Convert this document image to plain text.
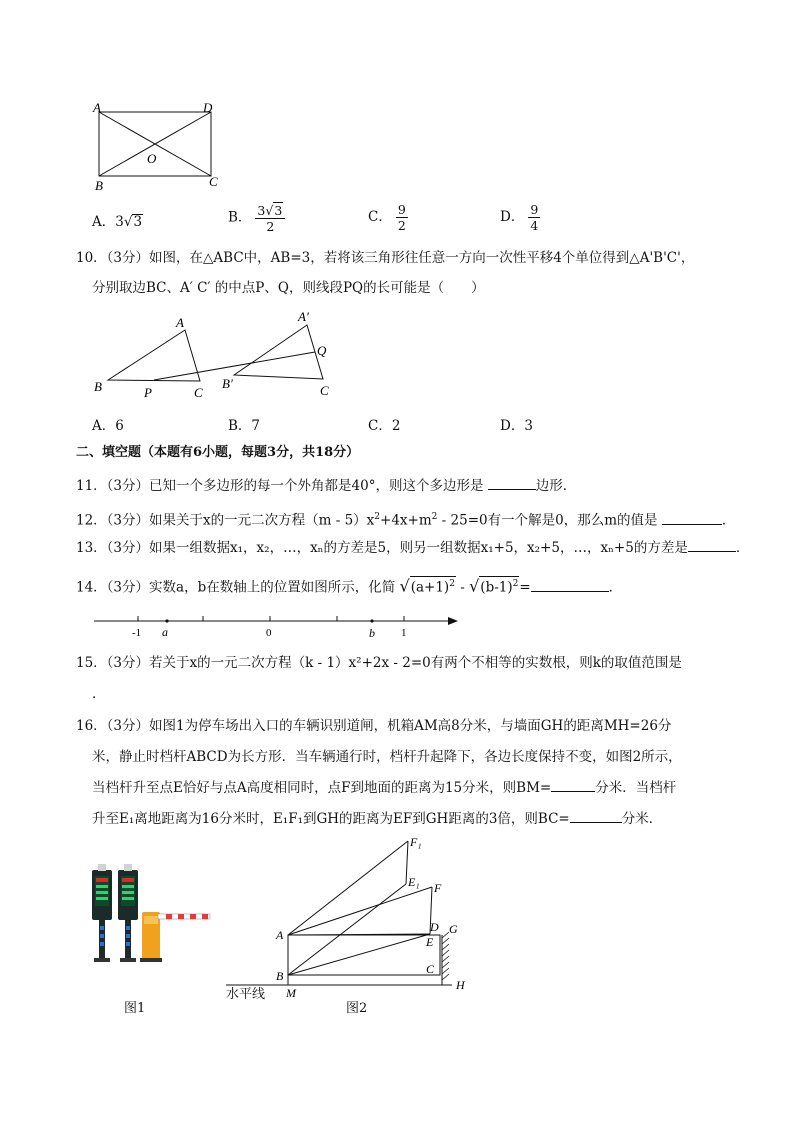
A	D
B	C
O
A．3√3	B． $\frac{3√3}{2}$	C． $\frac{9}{2}$	D． $\frac{9}{4}$
10．（3分）如图，在△ABC中，AB=3，若将该三角形往任意一方向一次性平移4个单位得到△A'B'C'，
分别取边BC、A′ C′ 的中点P、Q，则线段PQ的长可能是（　　）
A
B	C
P
A′
B′	C
Q
A．6	B．7	C．2	D．3
二、填空题（本题有6小题，每题3分，共18分）
11．（3分）已知一个多边形的每一个外角都是40°，则这个多边形是	边形．
12．（3分）如果关于x的一元二次方程$(m - 5)x^2+4x+m^2 - 25=0$有一个解是0，那么m的值是	．
13．（3分）如果一组数据x₁，x₂，…，xₙ的方差是5，则另一组数据x₁+5，x₂+5，…，xₙ+5的方差是	．
14．（3分）实数a，b在数轴上的位置如图所示，化简 $√(a+1)^2 - √(b-1)^2=$	．
-1 a	0	b 1
15．（3分）若关于x的一元二次方程（k - 1）x²+2x - 2=0有两个不相等的实数根，则k的取值范围是
．
16．（3分）如图1为停车场出入口的车辆识别道闸，机箱AM高8分米，与墙面GH的距离MH=26分
米，静止时档杆ABCD为长方形．当车辆通行时，档杆升起降下，各边长度保持不变，如图2所示，
当档杆升至点E恰好与点A高度相同时，点F到地面的距离为15分米，则BM=	分米．当档杆
升至E₁离地距离为16分米时，E₁F₁到GH的距离为EF到GH距离的3倍，则BC=	分米．
图1
F₁
E₁ F
A
D G
E
C
B
M
H
水平线
图2
